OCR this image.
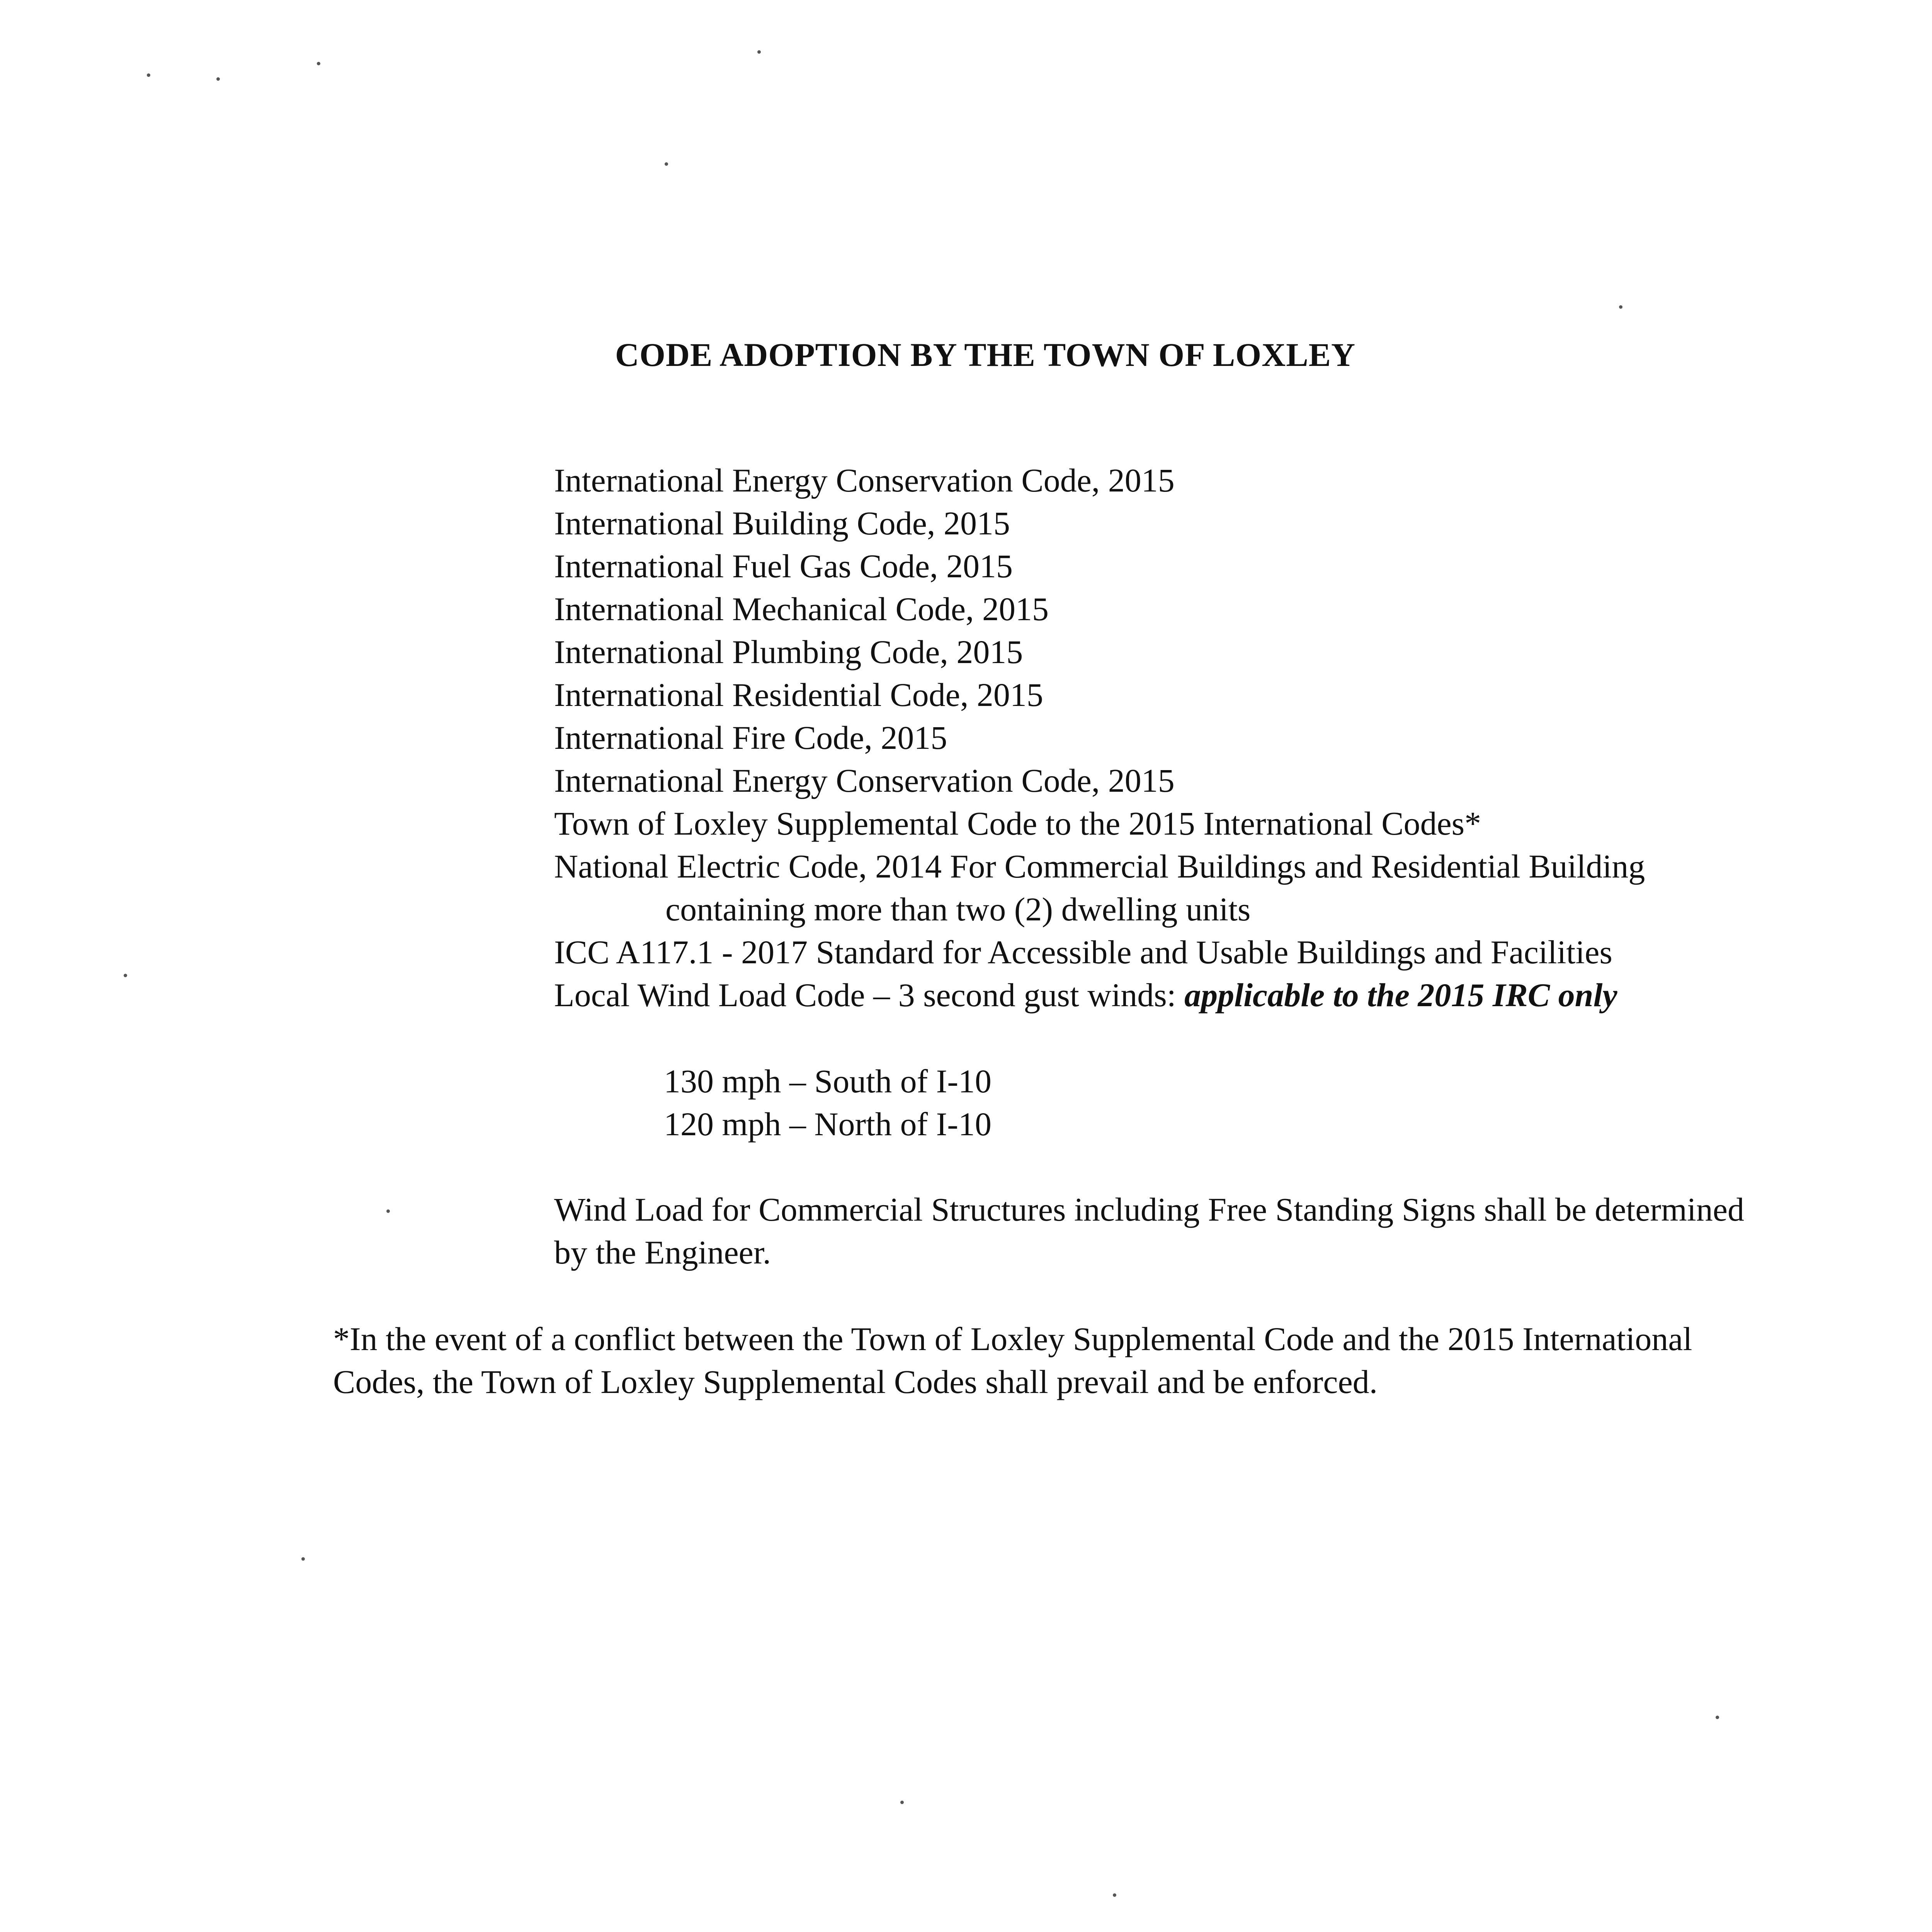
CODE ADOPTION BY THE TOWN OF LOXLEY
International Energy Conservation Code, 2015
International Building Code, 2015
International Fuel Gas Code, 2015
International Mechanical Code, 2015
International Plumbing Code, 2015
International Residential Code, 2015
International Fire Code, 2015
International Energy Conservation Code, 2015
Town of Loxley Supplemental Code to the 2015 International Codes*
National Electric Code, 2014 For Commercial Buildings and Residential Building
containing more than two (2) dwelling units
ICC A117.1 - 2017 Standard for Accessible and Usable Buildings and Facilities
Local Wind Load Code – 3 second gust winds: applicable to the 2015 IRC only
130 mph – South of I-10
120 mph – North of I-10

Wind Load for Commercial Structures including Free Standing Signs shall be determined by the Engineer.

*In the event of a conflict between the Town of Loxley Supplemental Code and the 2015 International Codes, the Town of Loxley Supplemental Codes shall prevail and be enforced.
